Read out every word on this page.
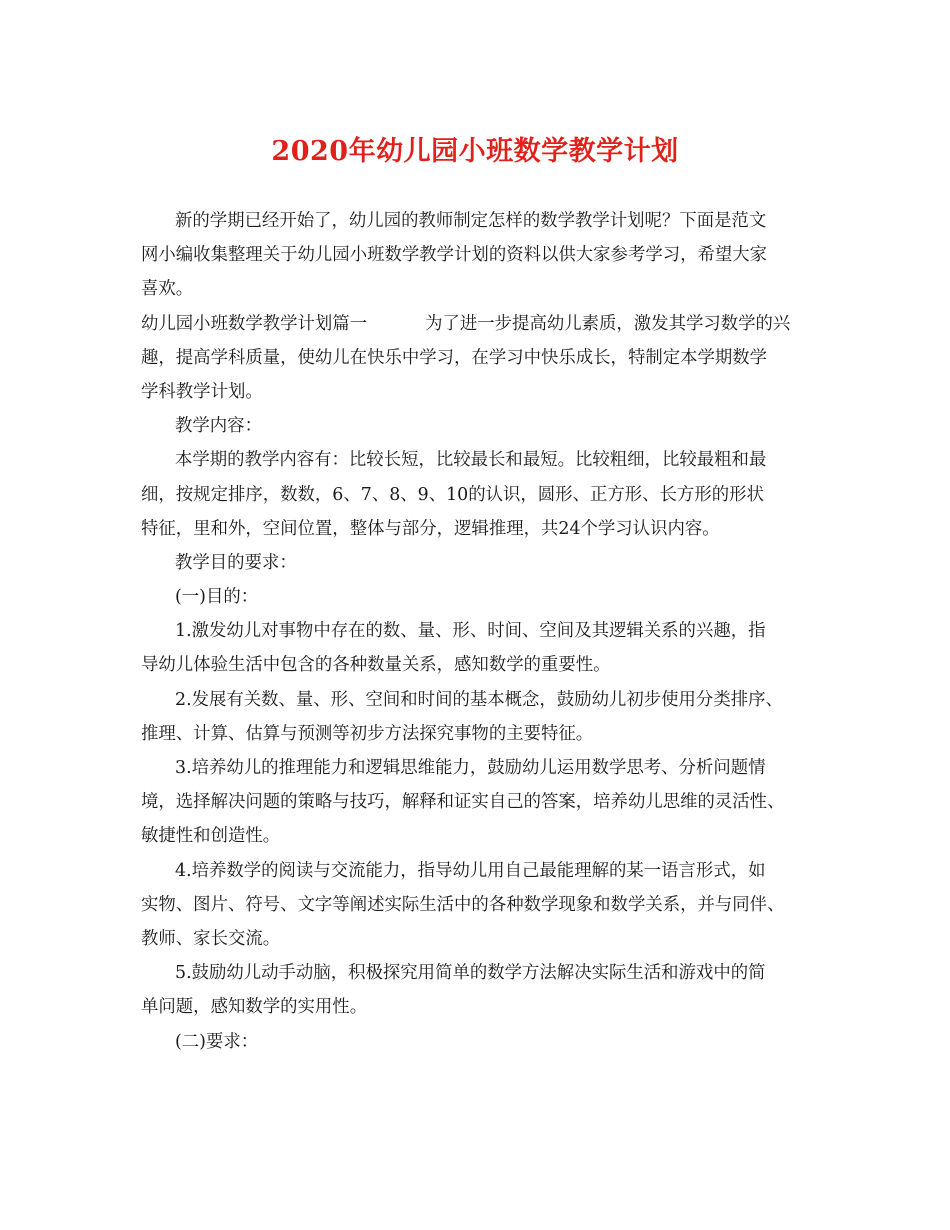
2020年幼儿园小班数学教学计划
新的学期已经开始了，幼儿园的教师制定怎样的数学教学计划呢？下面是范文
网小编收集整理关于幼儿园小班数学教学计划的资料以供大家参考学习，希望大家
喜欢。
幼儿园小班数学教学计划篇一	为了进一步提高幼儿素质，激发其学习数学的兴
趣，提高学科质量，使幼儿在快乐中学习，在学习中快乐成长，特制定本学期数学
学科教学计划。
教学内容：
本学期的教学内容有：比较长短，比较最长和最短。比较粗细，比较最粗和最
细，按规定排序，数数，6、7、8、9、10的认识，圆形、正方形、长方形的形状
特征，里和外，空间位置，整体与部分，逻辑推理，共24个学习认识内容。
教学目的要求：
(一)目的：
1.激发幼儿对事物中存在的数、量、形、时间、空间及其逻辑关系的兴趣，指
导幼儿体验生活中包含的各种数量关系，感知数学的重要性。
2.发展有关数、量、形、空间和时间的基本概念，鼓励幼儿初步使用分类排序、
推理、计算、估算与预测等初步方法探究事物的主要特征。
3.培养幼儿的推理能力和逻辑思维能力，鼓励幼儿运用数学思考、分析问题情
境，选择解决问题的策略与技巧，解释和证实自己的答案，培养幼儿思维的灵活性、
敏捷性和创造性。
4.培养数学的阅读与交流能力，指导幼儿用自己最能理解的某一语言形式，如
实物、图片、符号、文字等阐述实际生活中的各种数学现象和数学关系，并与同伴、
教师、家长交流。
5.鼓励幼儿动手动脑，积极探究用简单的数学方法解决实际生活和游戏中的简
单问题，感知数学的实用性。
(二)要求：
